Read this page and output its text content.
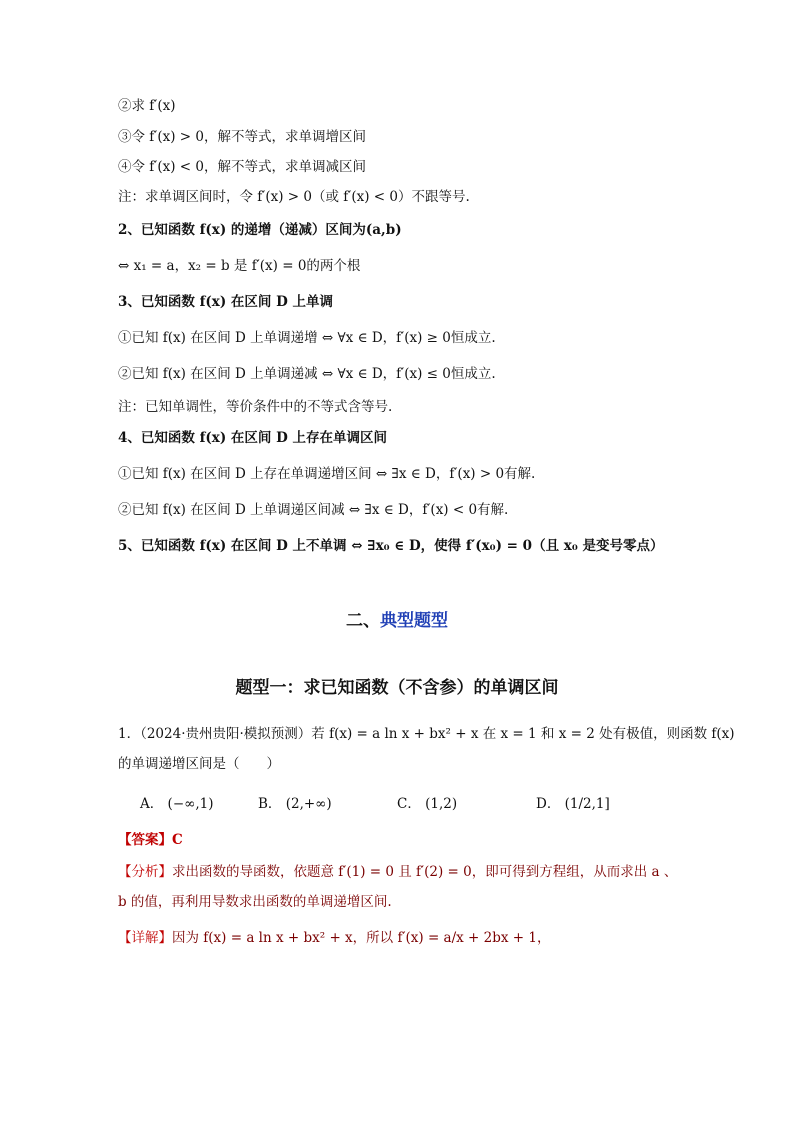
②求 f′(x)
③令 f′(x) > 0，解不等式，求单调增区间
④令 f′(x) < 0，解不等式，求单调减区间
注：求单调区间时，令 f′(x) > 0（或 f′(x) < 0）不跟等号.
2、已知函数 f(x) 的递增（递减）区间为(a,b)
⇔ x₁ = a，x₂ = b 是 f′(x) = 0的两个根
3、已知函数 f(x) 在区间 D 上单调
①已知 f(x) 在区间 D 上单调递增 ⇔ ∀x ∈ D，f′(x) ≥ 0恒成立.
②已知 f(x) 在区间 D 上单调递减 ⇔ ∀x ∈ D，f′(x) ≤ 0恒成立.
注：已知单调性，等价条件中的不等式含等号.
4、已知函数 f(x) 在区间 D 上存在单调区间
①已知 f(x) 在区间 D 上存在单调递增区间 ⇔ ∃x ∈ D，f′(x) > 0有解.
②已知 f(x) 在区间 D 上单调递区间减 ⇔ ∃x ∈ D，f′(x) < 0有解.
5、已知函数 f(x) 在区间 D 上不单调 ⇔ ∃x₀ ∈ D，使得 f′(x₀) = 0（且 x₀ 是变号零点）
二、典型题型
题型一：求已知函数（不含参）的单调区间
1．（2024·贵州贵阳·模拟预测）若 f(x) = a ln x + bx² + x 在 x = 1 和 x = 2 处有极值，则函数 f(x)
的单调递增区间是（　　）
A． (−∞,1)	B． (2,+∞)	C． (1,2)	D． (1/2,1]
【答案】C
【分析】求出函数的导函数，依题意 f′(1) = 0 且 f′(2) = 0，即可得到方程组，从而求出 a 、
b 的值，再利用导数求出函数的单调递增区间.
【详解】因为 f(x) = a ln x + bx² + x，所以 f′(x) = a/x + 2bx + 1，
